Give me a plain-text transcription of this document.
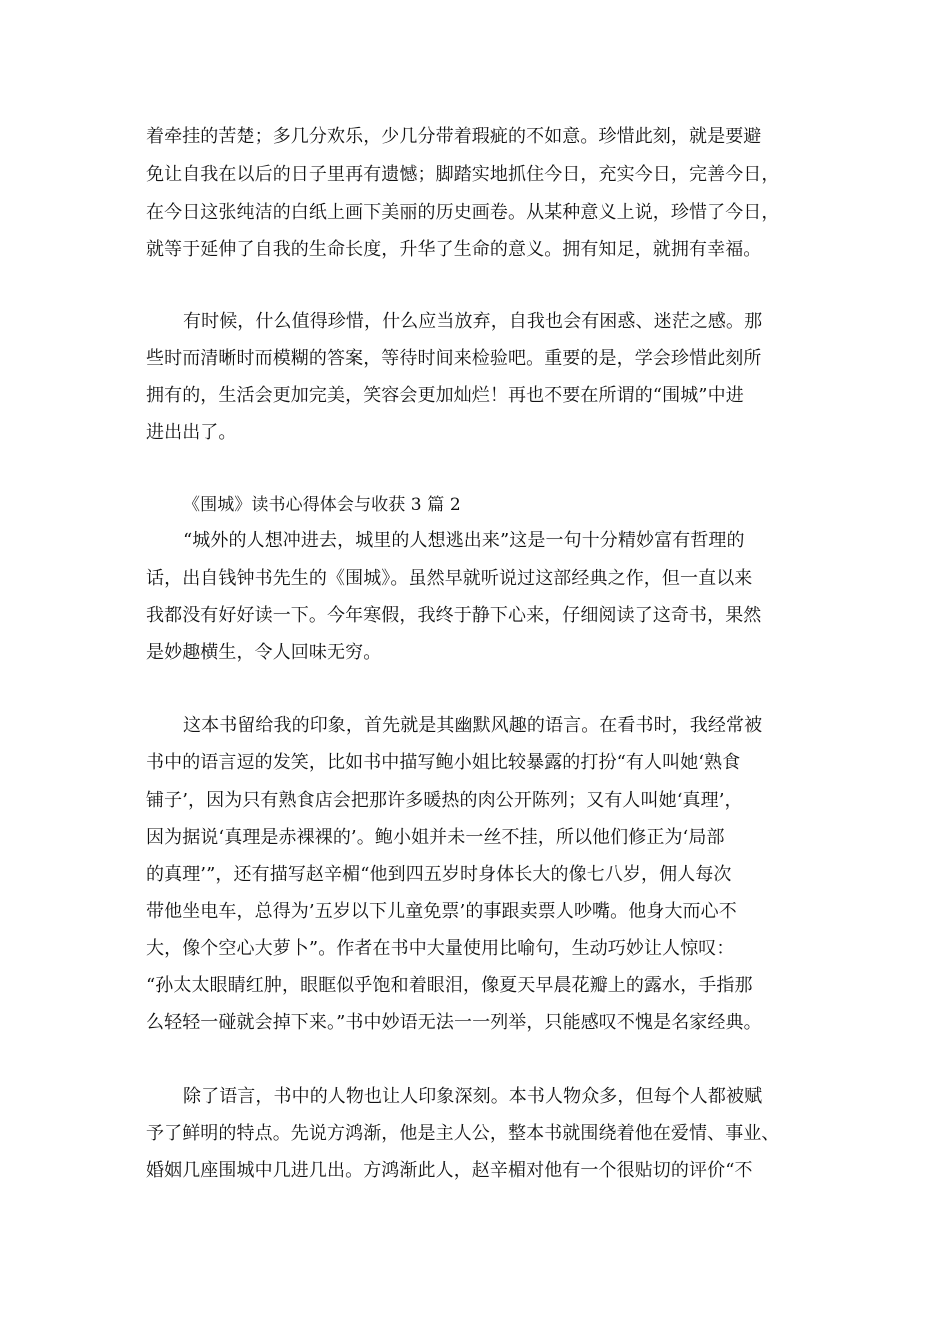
着牵挂的苦楚；多几分欢乐，少几分带着瑕疵的不如意。珍惜此刻，就是要避
免让自我在以后的日子里再有遗憾；脚踏实地抓住今日，充实今日，完善今日，
在今日这张纯洁的白纸上画下美丽的历史画卷。从某种意义上说，珍惜了今日，
就等于延伸了自我的生命长度，升华了生命的意义。拥有知足，就拥有幸福。
有时候，什么值得珍惜，什么应当放弃，自我也会有困惑、迷茫之感。那
些时而清晰时而模糊的答案，等待时间来检验吧。重要的是，学会珍惜此刻所
拥有的，生活会更加完美，笑容会更加灿烂！再也不要在所谓的“围城”中进
进出出了。
《围城》读书心得体会与收获 3 篇 2
“城外的人想冲进去，城里的人想逃出来”这是一句十分精妙富有哲理的
话，出自钱钟书先生的《围城》。虽然早就听说过这部经典之作，但一直以来
我都没有好好读一下。今年寒假，我终于静下心来，仔细阅读了这奇书，果然
是妙趣横生，令人回味无穷。
这本书留给我的印象，首先就是其幽默风趣的语言。在看书时，我经常被
书中的语言逗的发笑，比如书中描写鲍小姐比较暴露的打扮“有人叫她‘熟食
铺子’，因为只有熟食店会把那许多暖热的肉公开陈列；又有人叫她‘真理’，
因为据说‘真理是赤裸裸的’。鲍小姐并未一丝不挂，所以他们修正为‘局部
的真理’”，还有描写赵辛楣“他到四五岁时身体长大的像七八岁，佣人每次
带他坐电车，总得为’五岁以下儿童免票’的事跟卖票人吵嘴。他身大而心不
大，像个空心大萝卜”。作者在书中大量使用比喻句，生动巧妙让人惊叹：
“孙太太眼睛红肿，眼眶似乎饱和着眼泪，像夏天早晨花瓣上的露水，手指那
么轻轻一碰就会掉下来。”书中妙语无法一一列举，只能感叹不愧是名家经典。
除了语言，书中的人物也让人印象深刻。本书人物众多，但每个人都被赋
予了鲜明的特点。先说方鸿渐，他是主人公，整本书就围绕着他在爱情、事业、
婚姻几座围城中几进几出。方鸿渐此人，赵辛楣对他有一个很贴切的评价“不
